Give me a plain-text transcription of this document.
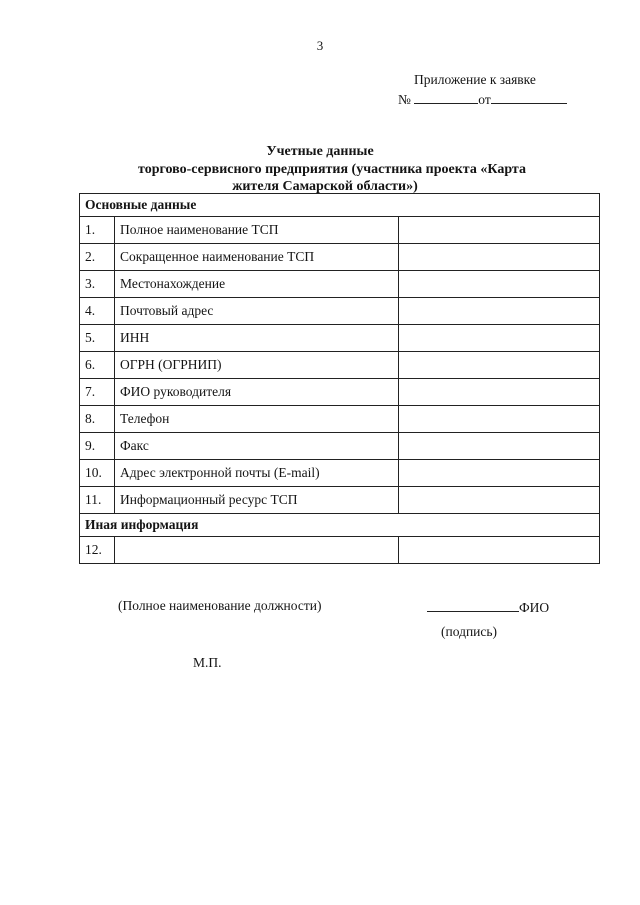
3
Приложение к заявке
№	от
Учетные данные
торгово-сервисного предприятия (участника проекта «Карта
жителя Самарской области»)
Основные данные		
1.	Полное наименование ТСП	
2.	Сокращенное наименование ТСП	
3.	Местонахождение	
4.	Почтовый адрес	
5.	ИНН	
6.	ОГРН (ОГРНИП)	
7.	ФИО руководителя	
8.	Телефон	
9.	Факс	
10.	Адрес электронной почты (E-mail)	
11.	Информационный ресурс ТСП	
Иная информация		
12.		
(Полное наименование должности)	ФИО
(подпись)
М.П.
